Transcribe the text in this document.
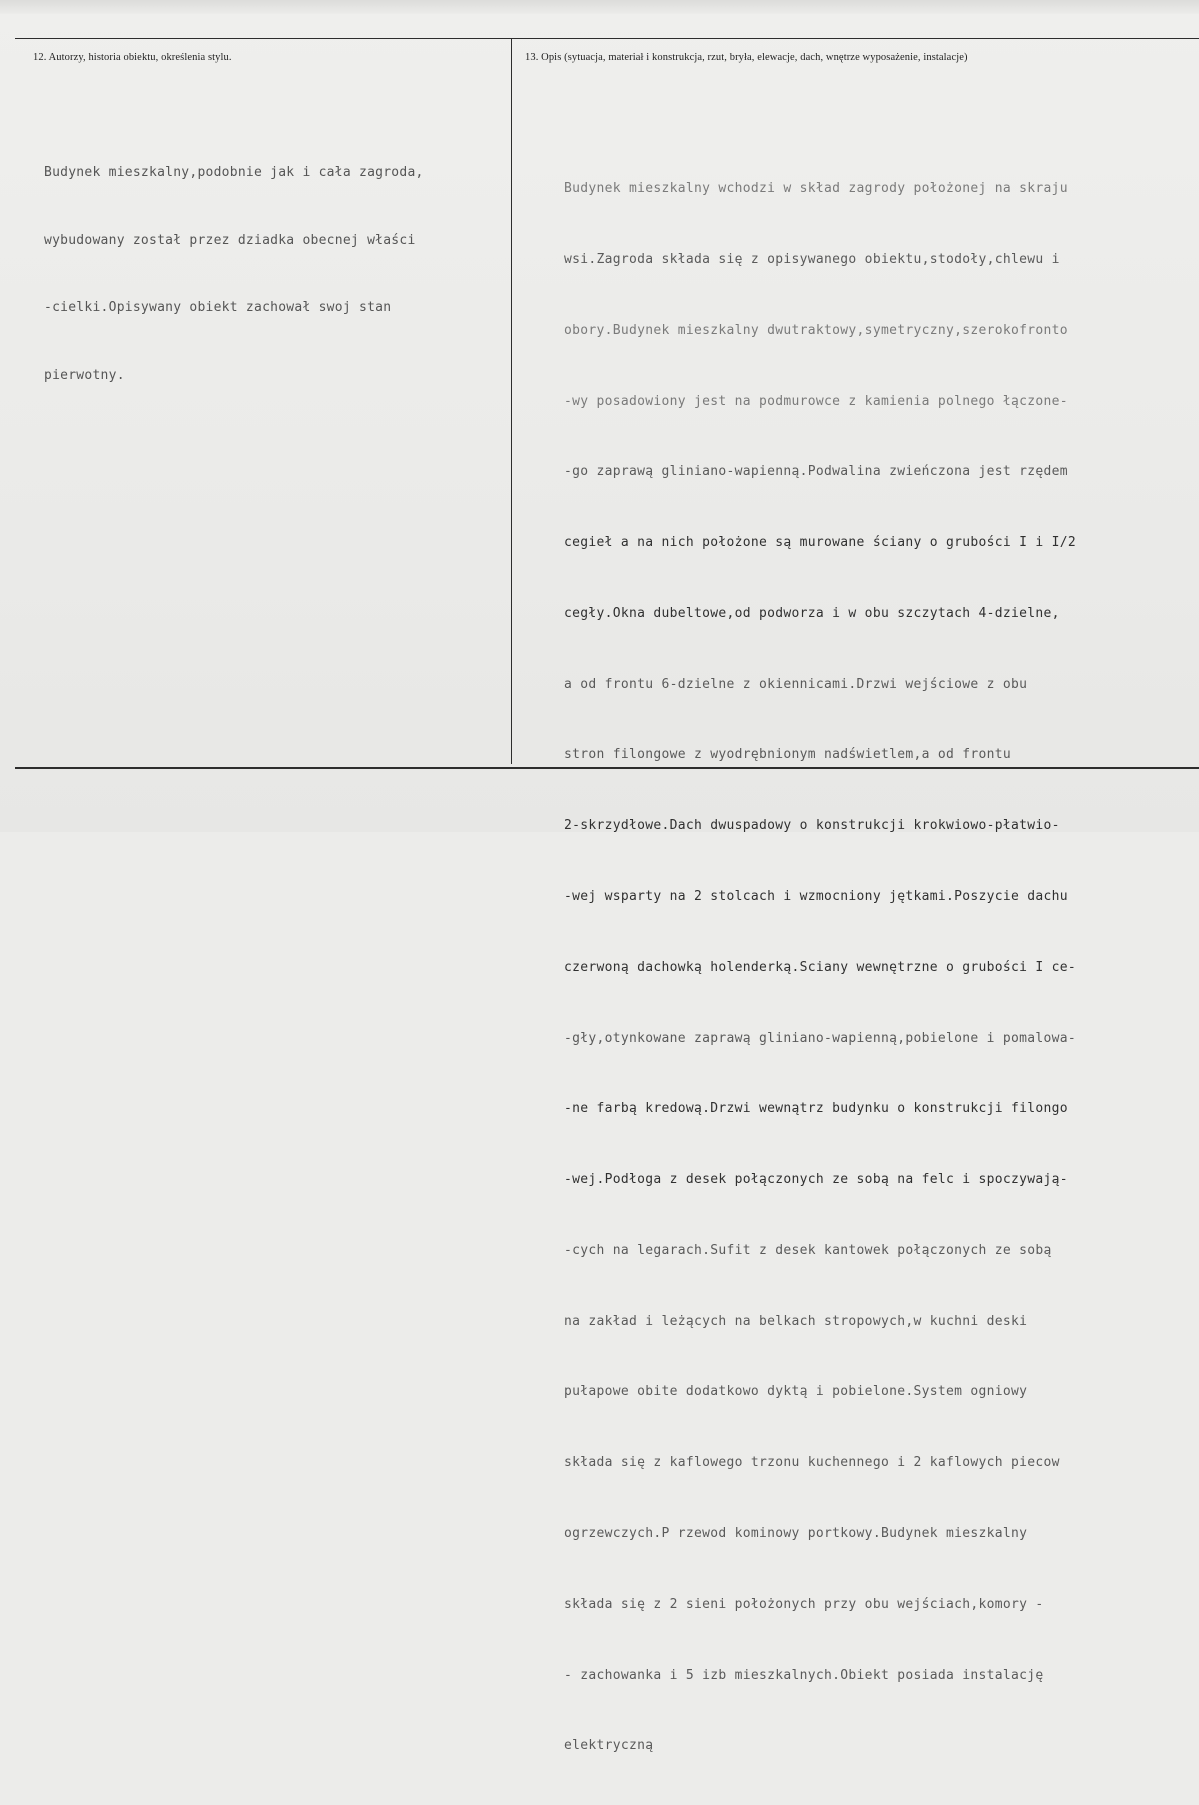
12. Autorzy, historia obiektu, określenia stylu.	13. Opis (sytuacja, materiał i konstrukcja, rzut, bryła, elewacje, dach, wnętrze wyposażenie, instalacje)

Budynek mieszkalny,podobnie jak i cała zagroda,

wybudowany został przez dziadka obecnej właści

-cielki.Opisywany obiekt zachował swoj stan

pierwotny.

Budynek mieszkalny wchodzi w skład zagrody położonej na skraju

wsi.Zagroda składa się z opisywanego obiektu,stodoły,chlewu i

obory.Budynek mieszkalny dwutraktowy,symetryczny,szerokofronto

-wy posadowiony jest na podmurowce z kamienia polnego łączone-

-go zaprawą gliniano-wapienną.Podwalina zwieńczona jest rzędem

cegieł a na nich położone są murowane ściany o grubości I i I/2

cegły.Okna dubeltowe,od podworza i w obu szczytach 4-dzielne,

a od frontu 6-dzielne z okiennicami.Drzwi wejściowe z obu

stron filongowe z wyodrębnionym nadświetlem,a od frontu

2-skrzydłowe.Dach dwuspadowy o konstrukcji krokwiowo-płatwio-

-wej wsparty na 2 stolcach i wzmocniony jętkami.Poszycie dachu

czerwoną dachowką holenderką.Sciany wewnętrzne o grubości I ce-

-gły,otynkowane zaprawą gliniano-wapienną,pobielone i pomalowa-

-ne farbą kredową.Drzwi wewnątrz budynku o konstrukcji filongo

-wej.Podłoga z desek połączonych ze sobą na felc i spoczywają-

-cych na legarach.Sufit z desek kantowek połączonych ze sobą

na zakład i leżących na belkach stropowych,w kuchni deski

pułapowe obite dodatkowo dyktą i pobielone.System ogniowy

składa się z kaflowego trzonu kuchennego i 2 kaflowych piecow

ogrzewczych.P rzewod kominowy portkowy.Budynek mieszkalny

składa się z 2 sieni położonych przy obu wejściach,komory -

- zachowanka i 5 izb mieszkalnych.Obiekt posiada instalację

elektryczną
